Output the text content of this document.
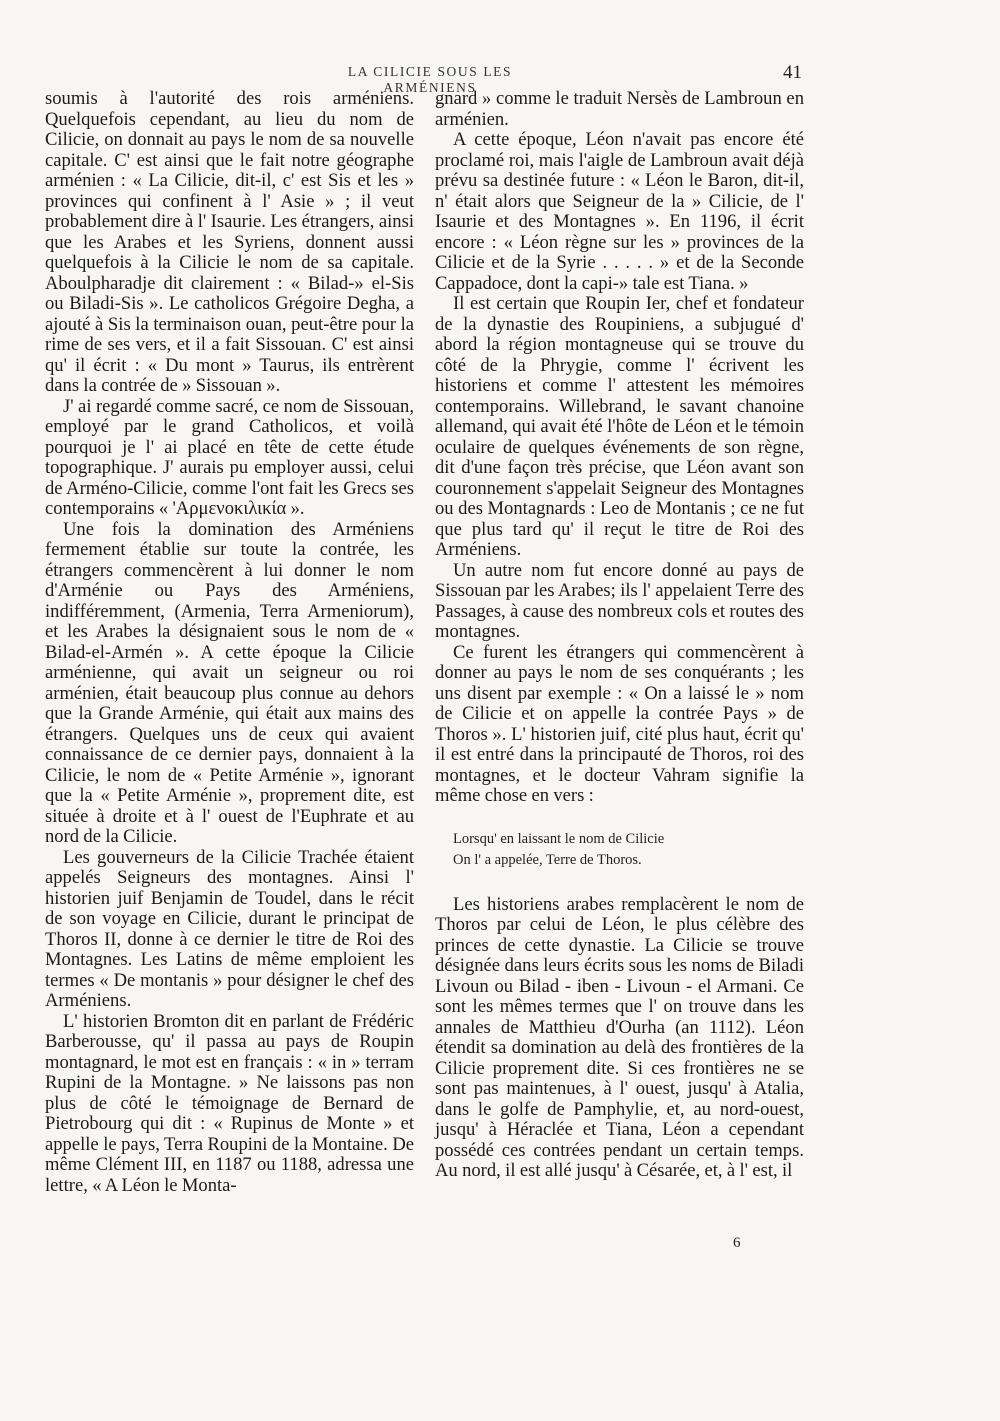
LA CILICIE SOUS LES ARMÉNIENS
41

soumis à l'autorité des rois arméniens. Quelquefois cependant, au lieu du nom de Cilicie, on donnait au pays le nom de sa nouvelle capitale. C' est ainsi que le fait notre géographe arménien : « La Cilicie, dit-il, c' est Sis et les » provinces qui confinent à l' Asie » ; il veut probablement dire à l' Isaurie. Les étrangers, ainsi que les Arabes et les Syriens, donnent aussi quelquefois à la Cilicie le nom de sa capitale. Aboulpharadje dit clairement : « Bilad-» el-Sis ou Biladi-Sis ». Le catholicos Grégoire Degha, a ajouté à Sis la terminaison ouan, peut-être pour la rime de ses vers, et il a fait Sissouan. C' est ainsi qu' il écrit : « Du mont » Taurus, ils entrèrent dans la contrée de » Sissouan ».

J' ai regardé comme sacré, ce nom de Sissouan, employé par le grand Catholicos, et voilà pourquoi je l' ai placé en tête de cette étude topographique. J' aurais pu employer aussi, celui de Arméno-Cilicie, comme l'ont fait les Grecs ses contemporains « 'Αρμενοκιλικία ».

Une fois la domination des Arméniens fermement établie sur toute la contrée, les étrangers commencèrent à lui donner le nom d'Arménie ou Pays des Arméniens, indifféremment, (Armenia, Terra Armeniorum), et les Arabes la désignaient sous le nom de « Bilad-el-Armén ». A cette époque la Cilicie arménienne, qui avait un seigneur ou roi arménien, était beaucoup plus connue au dehors que la Grande Arménie, qui était aux mains des étrangers. Quelques uns de ceux qui avaient connaissance de ce dernier pays, donnaient à la Cilicie, le nom de « Petite Arménie », ignorant que la « Petite Arménie », proprement dite, est située à droite et à l' ouest de l'Euphrate et au nord de la Cilicie.

Les gouverneurs de la Cilicie Trachée étaient appelés Seigneurs des montagnes. Ainsi l' historien juif Benjamin de Toudel, dans le récit de son voyage en Cilicie, durant le principat de Thoros II, donne à ce dernier le titre de Roi des Montagnes. Les Latins de même emploient les termes « De montanis » pour désigner le chef des Arméniens.

L' historien Bromton dit en parlant de Frédéric Barberousse, qu' il passa au pays de Roupin montagnard, le mot est en français : « in » terram Rupini de la Montagne. » Ne laissons pas non plus de côté le témoignage de Bernard de Pietrobourg qui dit : « Rupinus de Monte » et appelle le pays, Terra Roupini de la Montaine. De même Clément III, en 1187 ou 1188, adressa une lettre, « A Léon le Monta-

gnard » comme le traduit Nersès de Lambroun en arménien.

A cette époque, Léon n'avait pas encore été proclamé roi, mais l'aigle de Lambroun avait déjà prévu sa destinée future : « Léon le Baron, dit-il, n' était alors que Seigneur de la » Cilicie, de l' Isaurie et des Montagnes ». En 1196, il écrit encore : « Léon règne sur les » provinces de la Cilicie et de la Syrie . . . . . » et de la Seconde Cappadoce, dont la capi-» tale est Tiana. »

Il est certain que Roupin Ier, chef et fondateur de la dynastie des Roupiniens, a subjugué d' abord la région montagneuse qui se trouve du côté de la Phrygie, comme l' écrivent les historiens et comme l' attestent les mémoires contemporains. Willebrand, le savant chanoine allemand, qui avait été l'hôte de Léon et le témoin oculaire de quelques événements de son règne, dit d'une façon très précise, que Léon avant son couronnement s'appelait Seigneur des Montagnes ou des Montagnards : Leo de Montanis ; ce ne fut que plus tard qu' il reçut le titre de Roi des Arméniens.

Un autre nom fut encore donné au pays de Sissouan par les Arabes; ils l' appelaient Terre des Passages, à cause des nombreux cols et routes des montagnes.

Ce furent les étrangers qui commencèrent à donner au pays le nom de ses conquérants ; les uns disent par exemple : « On a laissé le » nom de Cilicie et on appelle la contrée Pays » de Thoros ». L' historien juif, cité plus haut, écrit qu' il est entré dans la principauté de Thoros, roi des montagnes, et le docteur Vahram signifie la même chose en vers :

Lorsqu' en laissant le nom de Cilicie
On l' a appelée, Terre de Thoros.

Les historiens arabes remplacèrent le nom de Thoros par celui de Léon, le plus célèbre des princes de cette dynastie. La Cilicie se trouve désignée dans leurs écrits sous les noms de Biladi Livoun ou Bilad - iben - Livoun - el Armani. Ce sont les mêmes termes que l' on trouve dans les annales de Matthieu d'Ourha (an 1112). Léon étendit sa domination au delà des frontières de la Cilicie proprement dite. Si ces frontières ne se sont pas maintenues, à l' ouest, jusqu' à Atalia, dans le golfe de Pamphylie, et, au nord-ouest, jusqu' à Héraclée et Tiana, Léon a cependant possédé ces contrées pendant un certain temps. Au nord, il est allé jusqu' à Césarée, et, à l' est, il

6
